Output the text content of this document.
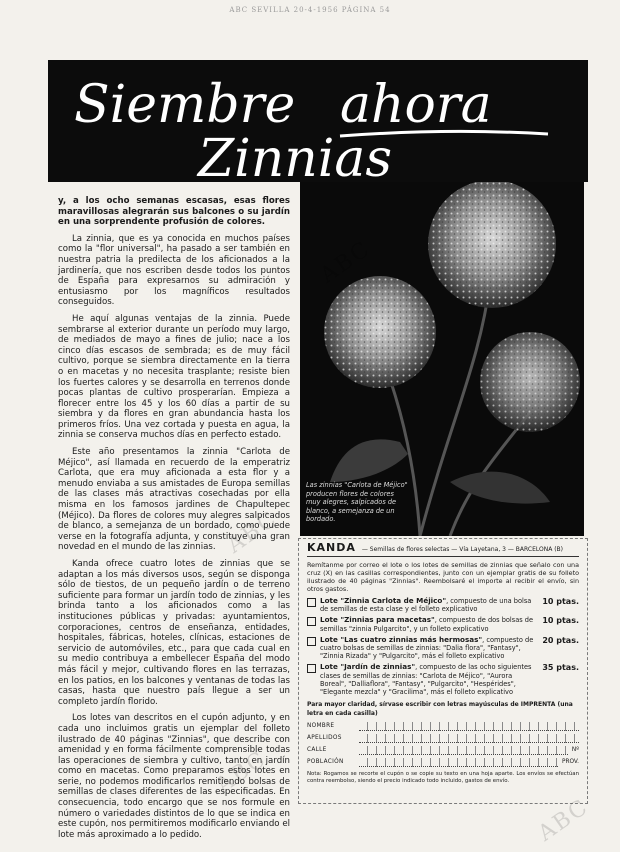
ABC SEVILLA 20-4-1956 PÁGINA 54
Siembre ahora
Zinnias

y, a los ocho semanas escasas, esas flores maravillosas alegrarán sus balcones o su jardín en una sorprendente profusión de colores.

La zinnia, que es ya conocida en muchos países como la "flor universal", ha pasado a ser también en nuestra patria la predilecta de los aficionados a la jardinería, que nos escriben desde todos los puntos de España para expresarnos su admiración y entusiasmo por los magníficos resultados conseguidos.

He aquí algunas ventajas de la zinnia. Puede sembrarse al exterior durante un período muy largo, de mediados de mayo a fines de julio; nace a los cinco días escasos de sembrada; es de muy fácil cultivo, porque se siembra directamente en la tierra o en macetas y no necesita trasplante; resiste bien los fuertes calores y se desarrolla en terrenos donde pocas plantas de cultivo prosperarían. Empieza a florecer entre los 45 y los 60 días a partir de su siembra y da flores en gran abundancia hasta los primeros fríos. Una vez cortada y puesta en agua, la zinnia se conserva muchos días en perfecto estado.

Este año presentamos la zinnia "Carlota de Méjico", así llamada en recuerdo de la emperatriz Carlota, que era muy aficionada a esta flor y a menudo enviaba a sus amistades de Europa semillas de las clases más atractivas cosechadas por ella misma en los famosos jardines de Chapultepec (Méjico). Da flores de colores muy alegres salpicados de blanco, a semejanza de un bordado, como puede verse en la fotografía adjunta, y constituye una gran novedad en el mundo de las zinnias.

Kanda ofrece cuatro lotes de zinnias que se adaptan a los más diversos usos, según se disponga sólo de tiestos, de un pequeño jardín o de terreno suficiente para formar un jardín todo de zinnias, y les brinda tanto a los aficionados como a las instituciones públicas y privadas: ayuntamientos, corporaciones, centros de enseñanza, entidades, hospitales, fábricas, hoteles, clínicas, estaciones de servicio de automóviles, etc., para que cada cual en su medio contribuya a embellecer España del modo más fácil y mejor, cultivando flores en las terrazas, en los patios, en los balcones y ventanas de todas las casas, hasta que nuestro país llegue a ser un completo jardín florido.

Los lotes van descritos en el cupón adjunto, y en cada uno incluimos gratis un ejemplar del folleto ilustrado de 40 páginas "Zinnias", que describe con amenidad y en forma fácilmente comprensible todas las operaciones de siembra y cultivo, tanto en jardín como en macetas. Como preparamos estos lotes en serie, no podemos modificarlos remitiendo bolsas de semillas de clases diferentes de las especificadas. En consecuencia, todo encargo que se nos formule en número o variedades distintos de lo que se indica en este cupón, nos permitiremos modificarlo enviando el lote más aproximado a lo pedido.

Las zinnias "Carlota de Méjico" producen flores de colores muy alegres, salpicados de blanco, a semejanza de un bordado.
KANDA — Semillas de flores selectas — Vía Layetana, 3 — BARCELONA (B)
Remítanme por correo el lote o los lotes de semillas de zinnias que señalo con una cruz (X) en las casillas correspondientes, junto con un ejemplar gratis de su folleto ilustrado de 40 páginas "Zinnias". Reembolsaré el importe al recibir el envío, sin otros gastos.
Lote "Zinnia Carlota de Méjico", compuesto de una bolsa de semillas de esta clase y el folleto explicativo
10 ptas.
Lote "Zinnias para macetas", compuesto de dos bolsas de semillas "zinnia Pulgarcito", y un folleto explicativo
10 ptas.
Lote "Las cuatro zinnias más hermosas", compuesto de cuatro bolsas de semillas de zinnias: "Dalia flora", "Fantasy", "Zinnia Rizada" y "Pulgarcito", más el folleto explicativo
20 ptas.
Lote "Jardín de zinnias", compuesto de las ocho siguientes clases de semillas de zinnias: "Carlota de Méjico", "Aurora Boreal", "Dalliaflora", "Fantasy", "Pulgarcito", "Hespérides", "Elegante mezcla" y "Gracilima", más el folleto explicativo
35 ptas.
Para mayor claridad, sírvase escribir con letras mayúsculas de IMPRENTA (una letra en cada casilla)
NOMBRE
APELLIDOS
CALLE	Nº
POBLACIÓN	PROV.
Nota: Rogamos se recorte el cupón o se copie su texto en una hoja aparte. Los envíos se efectúan contra reembolso, siendo el precio indicado todo incluido, gastos de envío.
ABC
ABC
ABC
